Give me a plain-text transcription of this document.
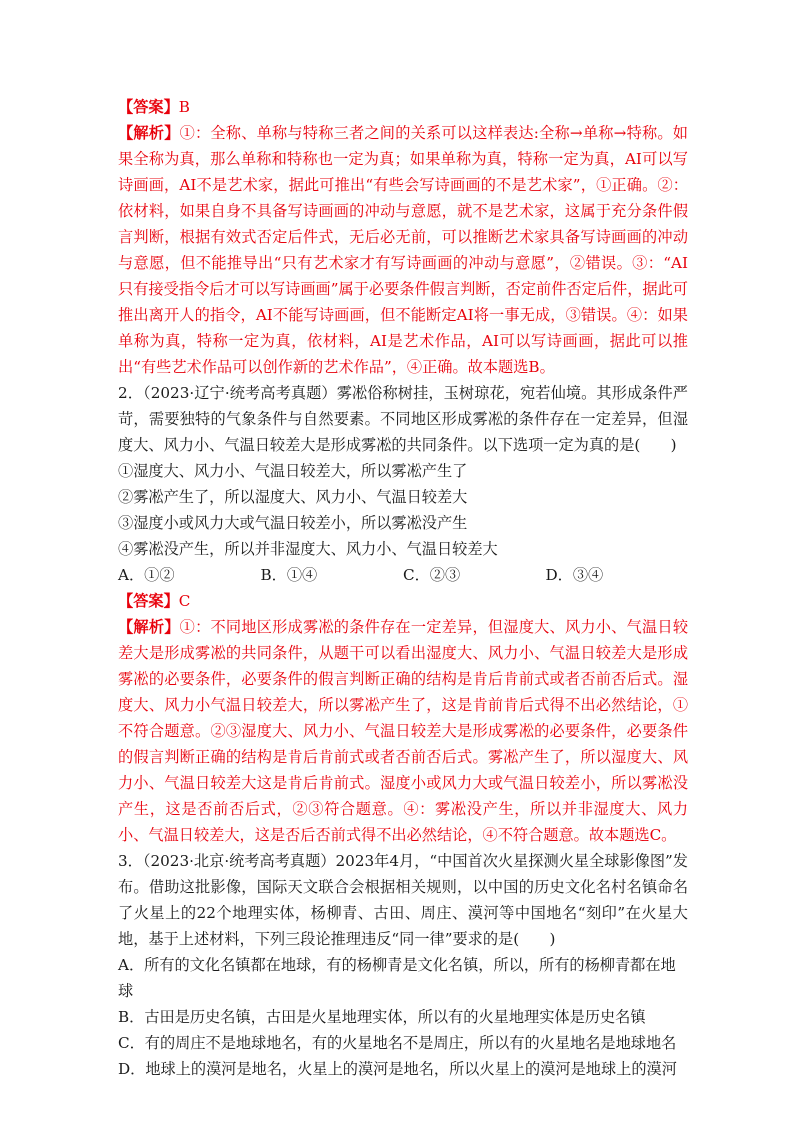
【答案】B

【解析】①：全称、单称与特称三者之间的关系可以这样表达:全称→单称→特称。如果全称为真，那么单称和特称也一定为真；如果单称为真，特称一定为真，AI可以写诗画画，AI不是艺术家，据此可推出“有些会写诗画画的不是艺术家”，①正确。②：依材料，如果自身不具备写诗画画的冲动与意愿，就不是艺术家，这属于充分条件假言判断，根据有效式否定后件式，无后必无前，可以推断艺术家具备写诗画画的冲动与意愿，但不能推导出“只有艺术家才有写诗画画的冲动与意愿”，②错误。③：“AI只有接受指令后才可以写诗画画”属于必要条件假言判断，否定前件否定后件，据此可推出离开人的指令，AI不能写诗画画，但不能断定AI将一事无成，③错误。④：如果单称为真，特称一定为真，依材料，AI是艺术作品，AI可以写诗画画，据此可以推出“有些艺术作品可以创作新的艺术作品”，④正确。故本题选B。

2．（2023·辽宁·统考高考真题）雾凇俗称树挂，玉树琼花，宛若仙境。其形成条件严苛，需要独特的气象条件与自然要素。不同地区形成雾凇的条件存在一定差异，但湿度大、风力小、气温日较差大是形成雾凇的共同条件。以下选项一定为真的是(　　)

①湿度大、风力小、气温日较差大，所以雾凇产生了

②雾凇产生了，所以湿度大、风力小、气温日较差大

③湿度小或风力大或气温日较差小，所以雾凇没产生

④雾凇没产生，所以并非湿度大、风力小、气温日较差大

A．①②	B．①④	C．②③	D．③④

【答案】C

【解析】①：不同地区形成雾凇的条件存在一定差异，但湿度大、风力小、气温日较差大是形成雾凇的共同条件，从题干可以看出湿度大、风力小、气温日较差大是形成雾凇的必要条件，必要条件的假言判断正确的结构是肯后肯前式或者否前否后式。湿度大、风力小气温日较差大，所以雾凇产生了，这是肯前肯后式得不出必然结论，①不符合题意。②③湿度大、风力小、气温日较差大是形成雾凇的必要条件，必要条件的假言判断正确的结构是肯后肯前式或者否前否后式。雾凇产生了，所以湿度大、风力小、气温日较差大这是肯后肯前式。湿度小或风力大或气温日较差小，所以雾凇没产生，这是否前否后式，②③符合题意。④：雾凇没产生，所以并非湿度大、风力小、气温日较差大，这是否后否前式得不出必然结论，④不符合题意。故本题选C。

3．（2023·北京·统考高考真题）2023年4月，“中国首次火星探测火星全球影像图”发布。借助这批影像，国际天文联合会根据相关规则，以中国的历史文化名村名镇命名了火星上的22个地理实体，杨柳青、古田、周庄、漠河等中国地名“刻印”在火星大地，基于上述材料，下列三段论推理违反“同一律”要求的是(　　)

A．所有的文化名镇都在地球，有的杨柳青是文化名镇，所以，所有的杨柳青都在地球

B．古田是历史名镇，古田是火星地理实体，所以有的火星地理实体是历史名镇

C．有的周庄不是地球地名，有的火星地名不是周庄，所以有的火星地名是地球地名

D．地球上的漠河是地名，火星上的漠河是地名，所以火星上的漠河是地球上的漠河
